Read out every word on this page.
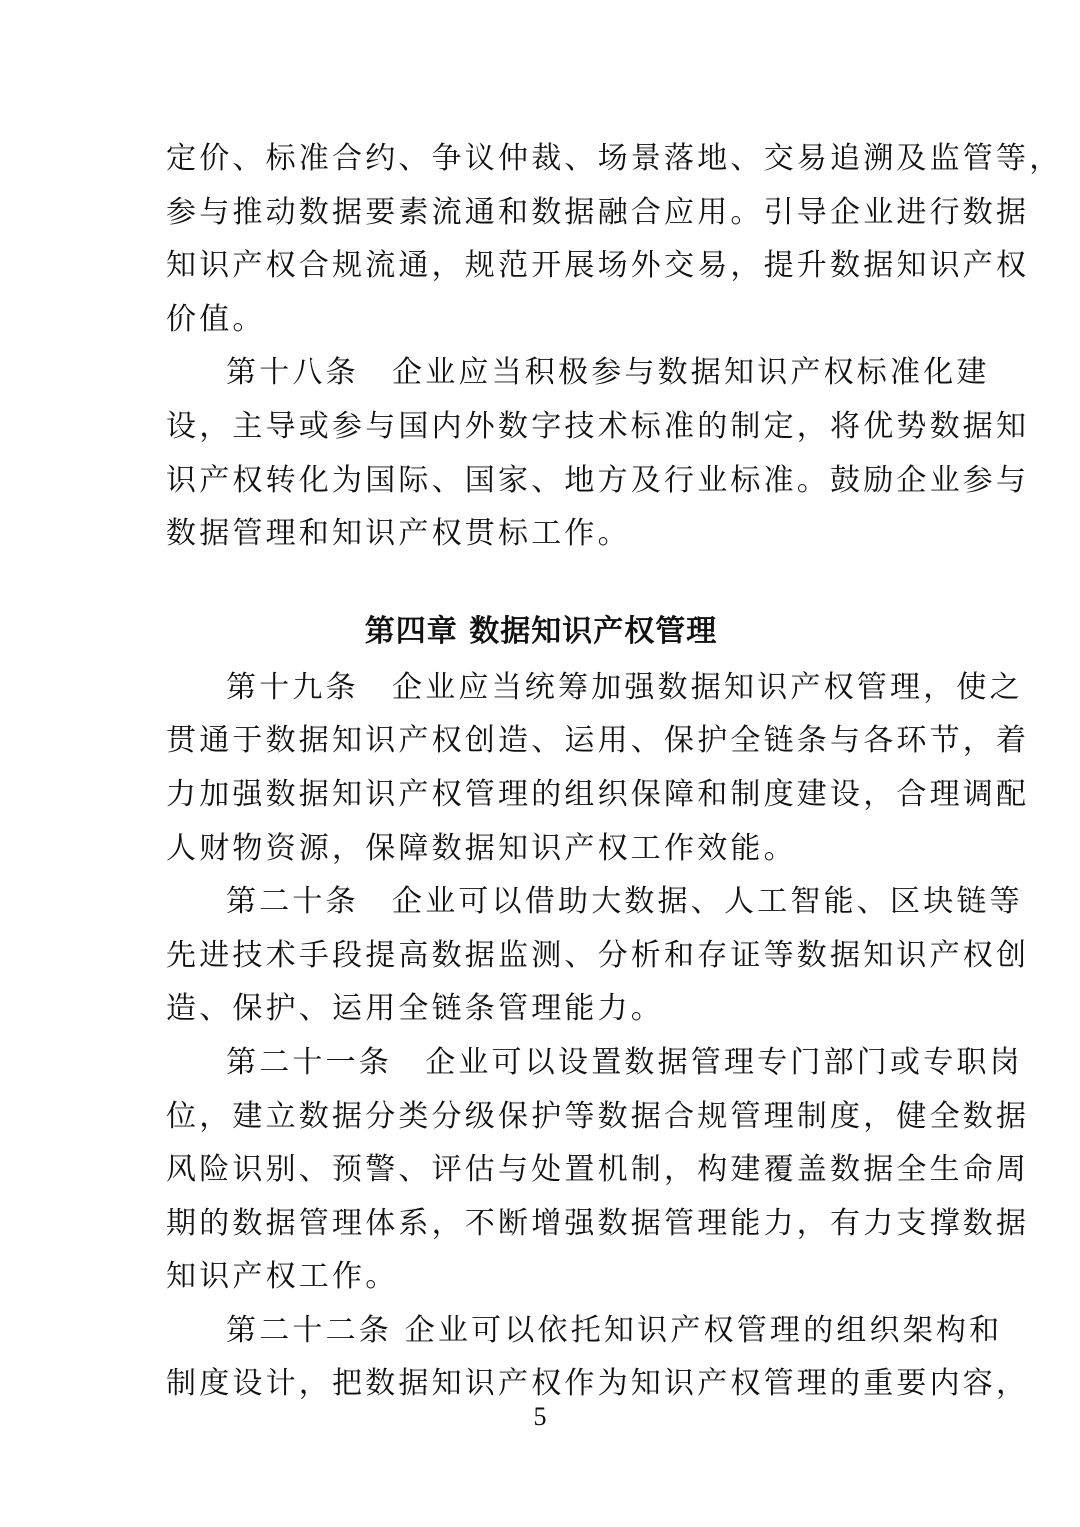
定价、标准合约、争议仲裁、场景落地、交易追溯及监管等，
参与推动数据要素流通和数据融合应用。引导企业进行数据
知识产权合规流通，规范开展场外交易，提升数据知识产权
价值。
第十八条　企业应当积极参与数据知识产权标准化建
设，主导或参与国内外数字技术标准的制定，将优势数据知
识产权转化为国际、国家、地方及行业标准。鼓励企业参与
数据管理和知识产权贯标工作。
第四章 数据知识产权管理
第十九条　企业应当统筹加强数据知识产权管理，使之
贯通于数据知识产权创造、运用、保护全链条与各环节，着
力加强数据知识产权管理的组织保障和制度建设，合理调配
人财物资源，保障数据知识产权工作效能。
第二十条　企业可以借助大数据、人工智能、区块链等
先进技术手段提高数据监测、分析和存证等数据知识产权创
造、保护、运用全链条管理能力。
第二十一条　企业可以设置数据管理专门部门或专职岗
位，建立数据分类分级保护等数据合规管理制度，健全数据
风险识别、预警、评估与处置机制，构建覆盖数据全生命周
期的数据管理体系，不断增强数据管理能力，有力支撑数据
知识产权工作。
第二十二条 企业可以依托知识产权管理的组织架构和
制度设计，把数据知识产权作为知识产权管理的重要内容，
5
